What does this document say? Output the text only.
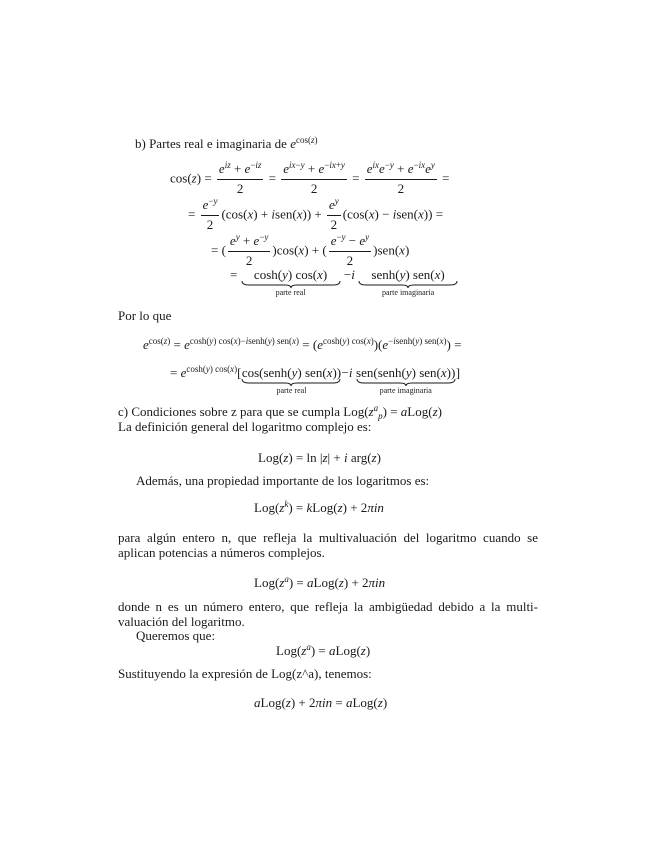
b) Partes real e imaginaria de $e^{cos(z)}$
$\cos(z) = \frac{e^{iz} + e^{-iz}}{2} = \frac{e^{ix-y} + e^{-ix+y}}{2} = \frac{e^{ix}e^{-y} + e^{-ix}e^y}{2}$ =
= $\frac{e^{-y}}{2} (\cos(x)$ + isen(x)) + $\frac{e^y}{2} (\cos(x)$ − isen(x)) =
= ( $\frac{e^y + e^{-y}}{2} )\cos(x)$ + ( $\frac{e^{-y} - e^y}{2} )sen(x)$
=	cosh(y) cos(x)
parte real
−i	senh(y) sen(x)
parte imaginaria
Por lo que
$e^{cos(z)} = e^{cosh(y) cos(x)-isenh(y) sen(x)} = (e^{cosh(y) cos(x)})(e^{-isenh(y) sen(x)})$ =
= $e^{cosh(y) cos(x)}$[ cos(senh(y) sen(x))
parte real
−i sen(senh(y) sen(x))
parte imaginaria
]
c) Condiciones sobre z para que se cumpla $Log(z^a_p)$ = aLog(z)
La definición general del logaritmo complejo es:
Log(z) = ln |z| + i arg(z)
Además, una propiedad importante de los logaritmos es:
$Log(z^k)$ = kLog(z) + 2πin
para algún entero n, que refleja la multivaluación del logaritmo cuando se aplican potencias a números complejos.
$Log(z^a)$ = aLog(z) + 2πin
donde n es un número entero, que refleja la ambigüedad debido a la multi-valuación del logaritmo.
Queremos que:
$Log(z^a)$ = aLog(z)
Sustituyendo la expresión de Log(z^a), tenemos:
aLog(z) + 2πin = aLog(z)
